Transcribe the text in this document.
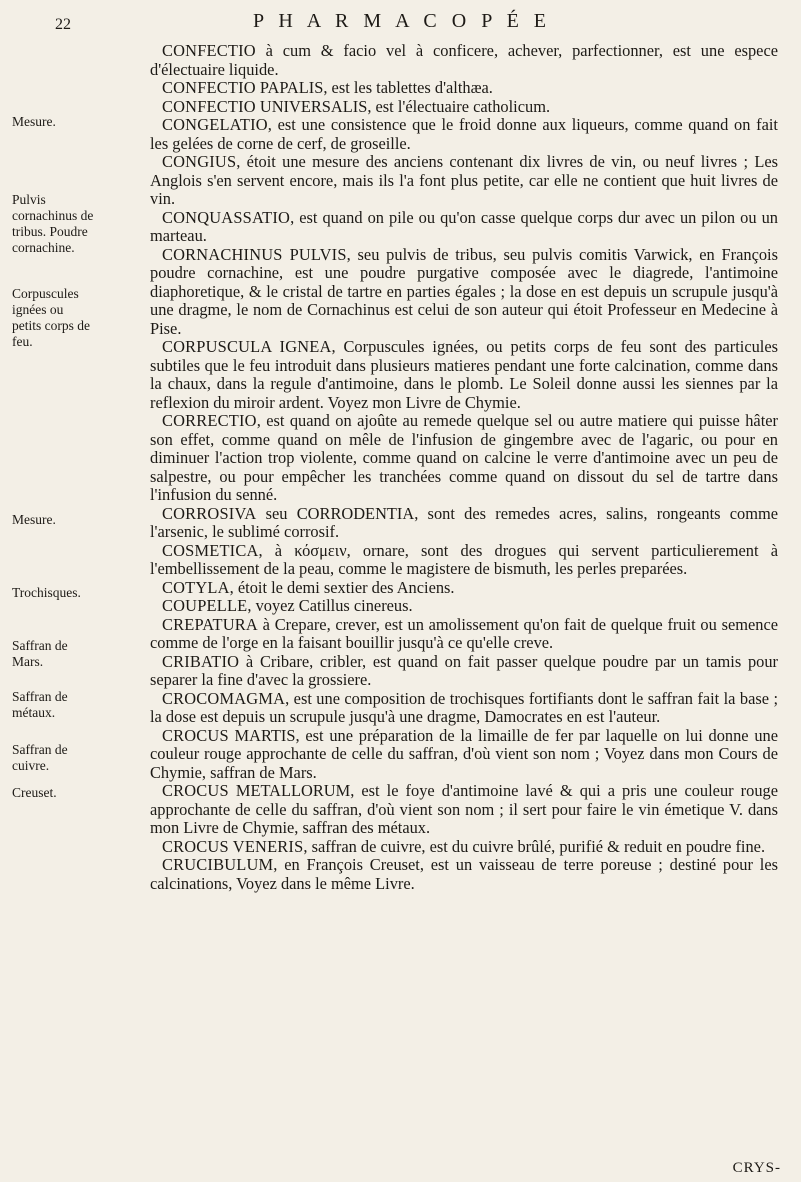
22	P H A R M A C O P É E
Mesure.
Pulvis cornachinus de tribus. Poudre cornachine.
Corpuscules ignées ou petits corps de feu.
Mesure.
Trochisques.
Saffran de Mars.
Saffran de métaux.
Saffran de cuivre.
Creuset.

CONFECTIO à cum & facio vel à conficere, achever, parfectionner, est une espece d'électuaire liquide.

CONFECTIO PAPALIS, est les tablettes d'althæa.

CONFECTIO UNIVERSALIS, est l'électuaire catholicum.

CONGELATIO, est une consistence que le froid donne aux liqueurs, comme quand on fait les gelées de corne de cerf, de groseille.

CONGIUS, étoit une mesure des anciens contenant dix livres de vin, ou neuf livres ; Les Anglois s'en servent encore, mais ils l'a font plus petite, car elle ne contient que huit livres de vin.

CONQUASSATIO, est quand on pile ou qu'on casse quelque corps dur avec un pilon ou un marteau.

CORNACHINUS PULVIS, seu pulvis de tribus, seu pulvis comitis Varwick, en François poudre cornachine, est une poudre purgative composée avec le diagrede, l'antimoine diaphoretique, & le cristal de tartre en parties égales ; la dose en est depuis un scrupule jusqu'à une dragme, le nom de Cornachinus est celui de son auteur qui étoit Professeur en Medecine à Pise.

CORPUSCULA IGNEA, Corpuscules ignées, ou petits corps de feu sont des particules subtiles que le feu introduit dans plusieurs matieres pendant une forte calcination, comme dans la chaux, dans la regule d'antimoine, dans le plomb. Le Soleil donne aussi les siennes par la reflexion du miroir ardent. Voyez mon Livre de Chymie.

CORRECTIO, est quand on ajoûte au remede quelque sel ou autre matiere qui puisse hâter son effet, comme quand on mêle de l'infusion de gingembre avec de l'agaric, ou pour en diminuer l'action trop violente, comme quand on calcine le verre d'antimoine avec un peu de salpestre, ou pour empêcher les tranchées comme quand on dissout du sel de tartre dans l'infusion du senné.

CORROSIVA seu CORRODENTIA, sont des remedes acres, salins, rongeants comme l'arsenic, le sublimé corrosif.

COSMETICA, à κόσμειν, ornare, sont des drogues qui servent particulierement à l'embellissement de la peau, comme le magistere de bismuth, les perles preparées.

COTYLA, étoit le demi sextier des Anciens.

COUPELLE, voyez Catillus cinereus.

CREPATURA à Crepare, crever, est un amolissement qu'on fait de quelque fruit ou semence comme de l'orge en la faisant bouillir jusqu'à ce qu'elle creve.

CRIBATIO à Cribare, cribler, est quand on fait passer quelque poudre par un tamis pour separer la fine d'avec la grossiere.

CROCOMAGMA, est une composition de trochisques fortifiants dont le saffran fait la base ; la dose est depuis un scrupule jusqu'à une dragme, Damocrates en est l'auteur.

CROCUS MARTIS, est une préparation de la limaille de fer par laquelle on lui donne une couleur rouge approchante de celle du saffran, d'où vient son nom ; Voyez dans mon Cours de Chymie, saffran de Mars.

CROCUS METALLORUM, est le foye d'antimoine lavé & qui a pris une couleur rouge approchante de celle du saffran, d'où vient son nom ; il sert pour faire le vin émetique V. dans mon Livre de Chymie, saffran des métaux.

CROCUS VENERIS, saffran de cuivre, est du cuivre brûlé, purifié & reduit en poudre fine.

CRUCIBULUM, en François Creuset, est un vaisseau de terre poreuse ; destiné pour les calcinations, Voyez dans le même Livre.

CRYS-
